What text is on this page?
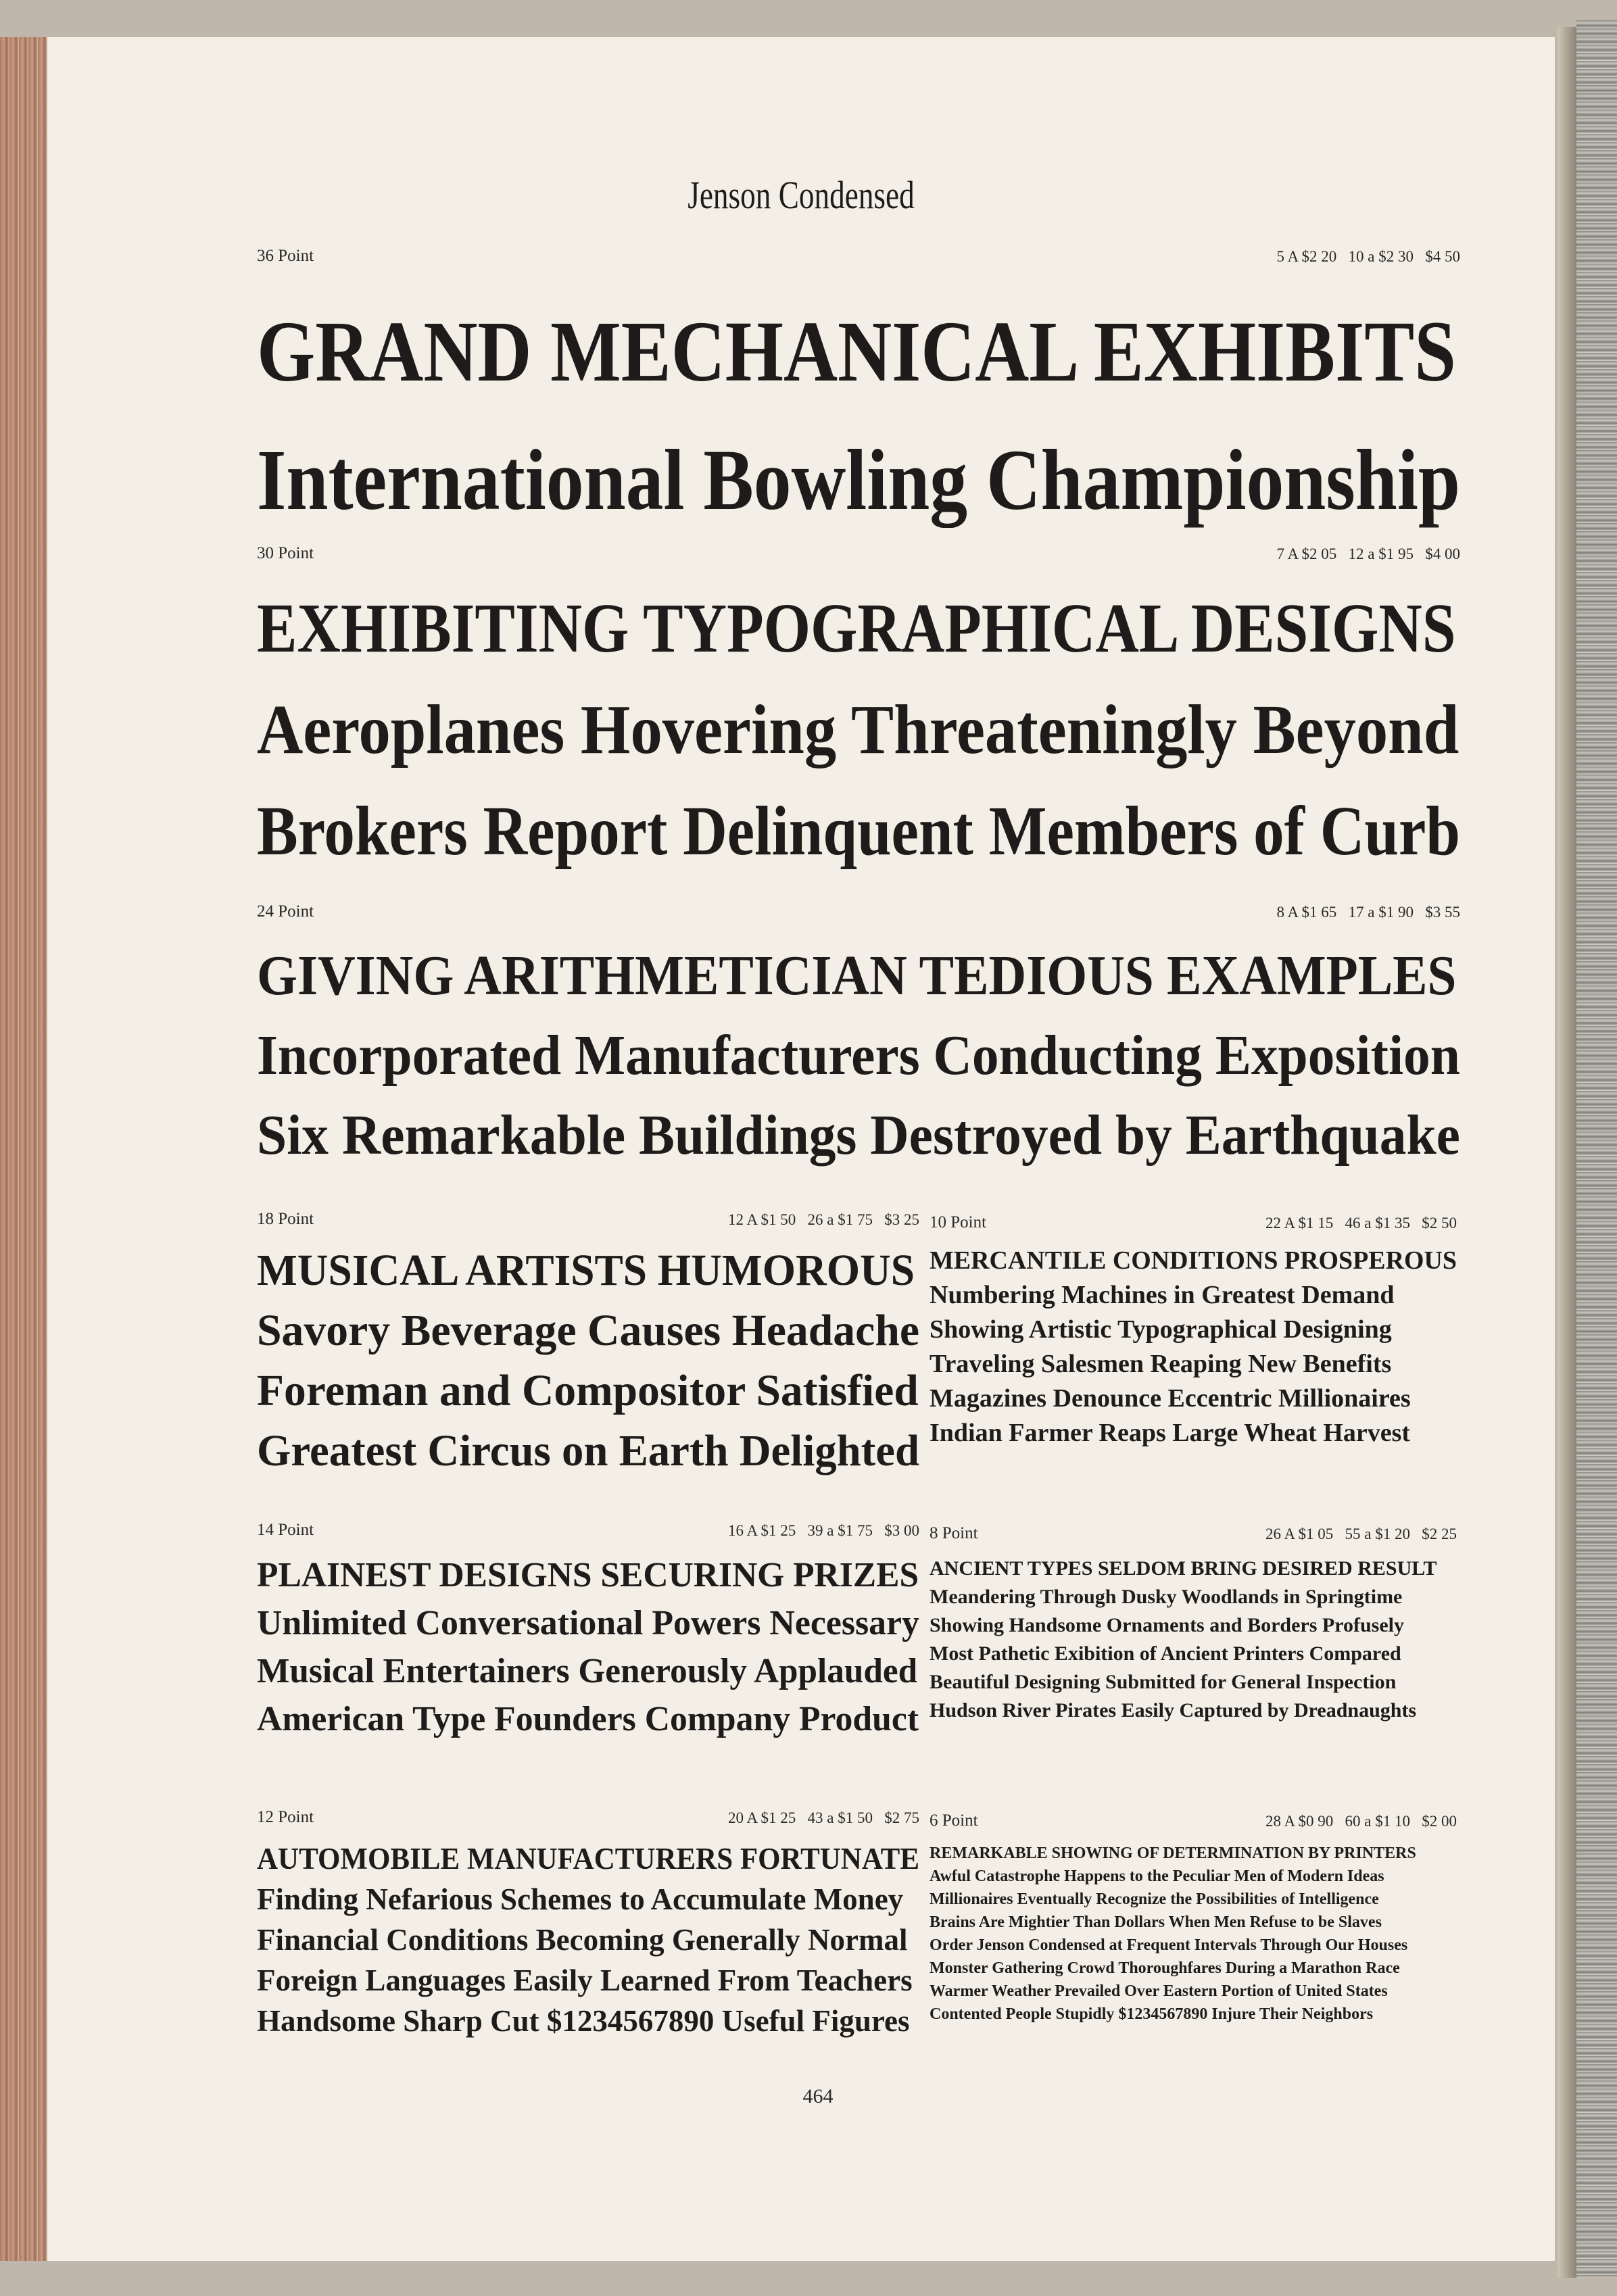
Jenson Condensed
464
36 Point	5 A $2 20   10 a $2 30   $4 50
GRAND MECHANICAL EXHIBITS
International Bowling Championship
30 Point	7 A $2 05   12 a $1 95   $4 00
EXHIBITING TYPOGRAPHICAL DESIGNS
Aeroplanes Hovering Threateningly Beyond
Brokers Report Delinquent Members of Curb
24 Point	8 A $1 65   17 a $1 90   $3 55
GIVING ARITHMETICIAN TEDIOUS EXAMPLES
Incorporated Manufacturers Conducting Exposition
Six Remarkable Buildings Destroyed by Earthquake
18 Point	12 A $1 50   26 a $1 75   $3 25
MUSICAL ARTISTS HUMOROUS
Savory Beverage Causes Headache
Foreman and Compositor Satisfied
Greatest Circus on Earth Delighted
10 Point	22 A $1 15   46 a $1 35   $2 50
MERCANTILE CONDITIONS PROSPEROUS
Numbering Machines in Greatest Demand
Showing Artistic Typographical Designing
Traveling Salesmen Reaping New Benefits
Magazines Denounce Eccentric Millionaires
Indian Farmer Reaps Large Wheat Harvest
14 Point	16 A $1 25   39 a $1 75   $3 00
PLAINEST DESIGNS SECURING PRIZES
Unlimited Conversational Powers Necessary
Musical Entertainers Generously Applauded
American Type Founders Company Product
8 Point	26 A $1 05   55 a $1 20   $2 25
ANCIENT TYPES SELDOM BRING DESIRED RESULT
Meandering Through Dusky Woodlands in Springtime
Showing Handsome Ornaments and Borders Profusely
Most Pathetic Exibition of Ancient Printers Compared
Beautiful Designing Submitted for General Inspection
Hudson River Pirates Easily Captured by Dreadnaughts
12 Point	20 A $1 25   43 a $1 50   $2 75
AUTOMOBILE MANUFACTURERS FORTUNATE
Finding Nefarious Schemes to Accumulate Money
Financial Conditions Becoming Generally Normal
Foreign Languages Easily Learned From Teachers
Handsome Sharp Cut $1234567890 Useful Figures
6 Point	28 A $0 90   60 a $1 10   $2 00
REMARKABLE SHOWING OF DETERMINATION BY PRINTERS
Awful Catastrophe Happens to the Peculiar Men of Modern Ideas
Millionaires Eventually Recognize the Possibilities of Intelligence
Brains Are Mightier Than Dollars When Men Refuse to be Slaves
Order Jenson Condensed at Frequent Intervals Through Our Houses
Monster Gathering Crowd Thoroughfares During a Marathon Race
Warmer Weather Prevailed Over Eastern Portion of United States
Contented People Stupidly $1234567890 Injure Their Neighbors
